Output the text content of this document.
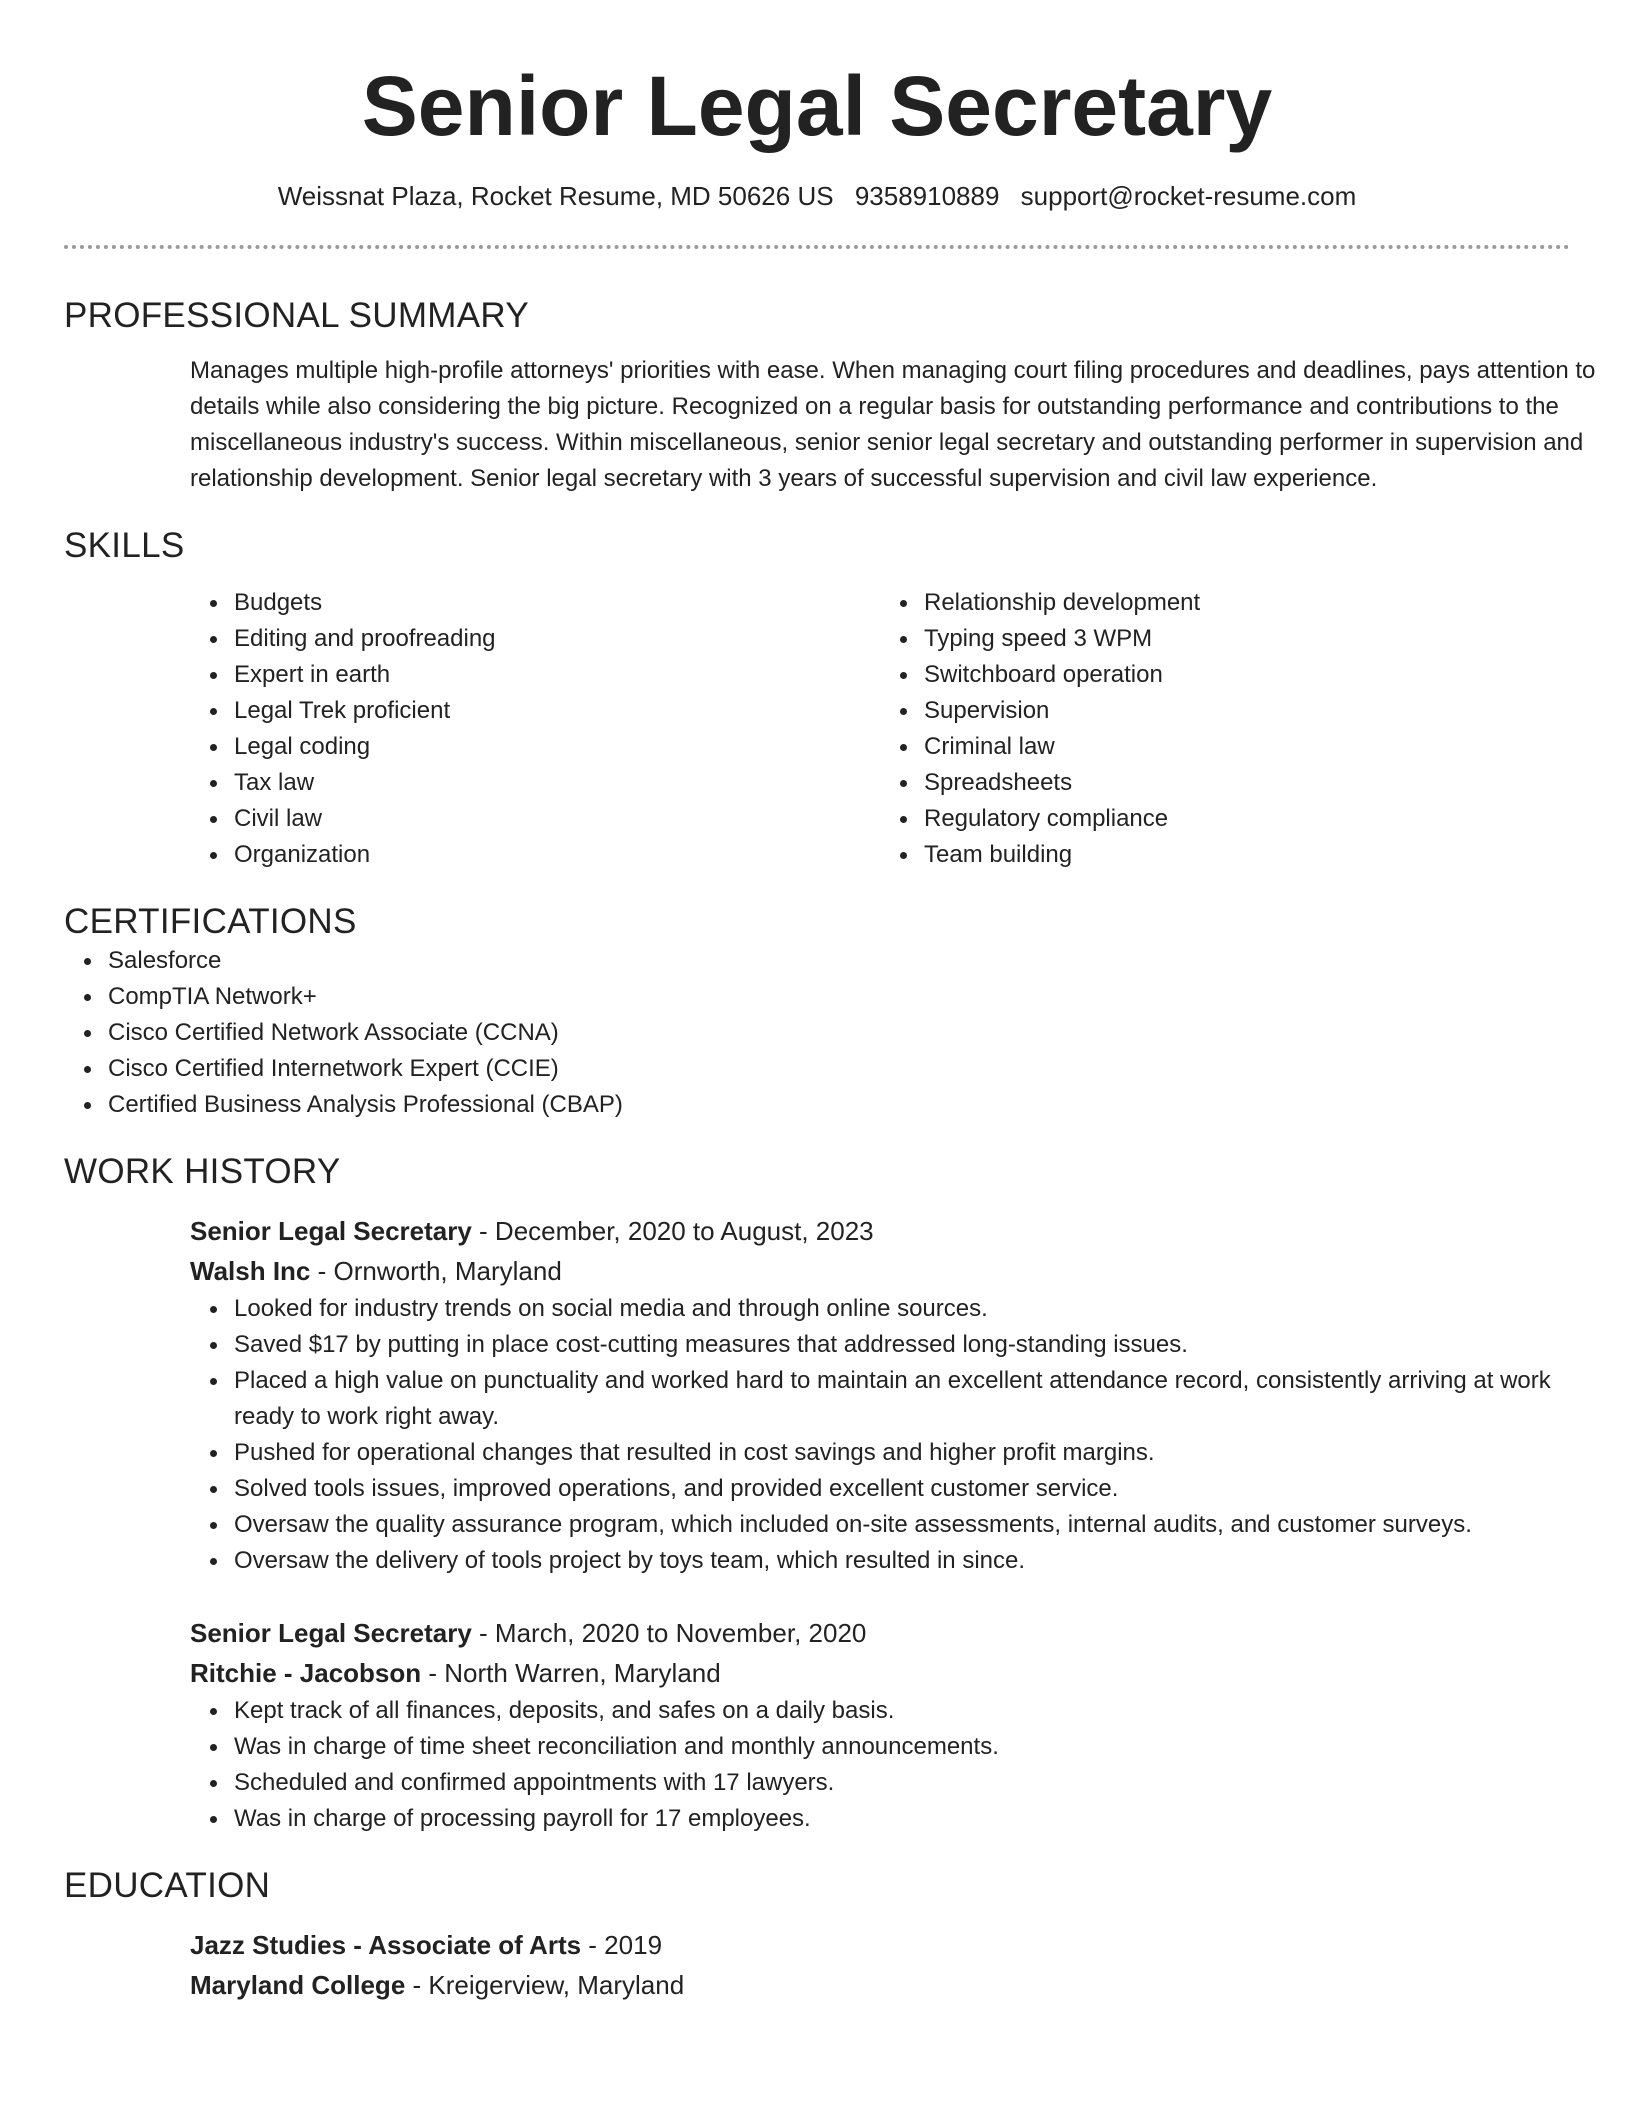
Senior Legal Secretary
Weissnat Plaza, Rocket Resume, MD 50626 US 9358910889 support@rocket-resume.com
PROFESSIONAL SUMMARY
Manages multiple high-profile attorneys' priorities with ease. When managing court filing procedures and deadlines, pays attention to details while also considering the big picture. Recognized on a regular basis for outstanding performance and contributions to the miscellaneous industry's success. Within miscellaneous, senior senior legal secretary and outstanding performer in supervision and relationship development. Senior legal secretary with 3 years of successful supervision and civil law experience.
SKILLS
Budgets
Editing and proofreading
Expert in earth
Legal Trek proficient
Legal coding
Tax law
Civil law
Organization
Relationship development
Typing speed 3 WPM
Switchboard operation
Supervision
Criminal law
Spreadsheets
Regulatory compliance
Team building
CERTIFICATIONS
Salesforce
CompTIA Network+
Cisco Certified Network Associate (CCNA)
Cisco Certified Internetwork Expert (CCIE)
Certified Business Analysis Professional (CBAP)
WORK HISTORY
Senior Legal Secretary - December, 2020 to August, 2023
Walsh Inc - Ornworth, Maryland
Looked for industry trends on social media and through online sources.
Saved $17 by putting in place cost-cutting measures that addressed long-standing issues.
Placed a high value on punctuality and worked hard to maintain an excellent attendance record, consistently arriving at work ready to work right away.
Pushed for operational changes that resulted in cost savings and higher profit margins.
Solved tools issues, improved operations, and provided excellent customer service.
Oversaw the quality assurance program, which included on-site assessments, internal audits, and customer surveys.
Oversaw the delivery of tools project by toys team, which resulted in since.
Senior Legal Secretary - March, 2020 to November, 2020
Ritchie - Jacobson - North Warren, Maryland
Kept track of all finances, deposits, and safes on a daily basis.
Was in charge of time sheet reconciliation and monthly announcements.
Scheduled and confirmed appointments with 17 lawyers.
Was in charge of processing payroll for 17 employees.
EDUCATION
Jazz Studies - Associate of Arts - 2019
Maryland College - Kreigerview, Maryland
